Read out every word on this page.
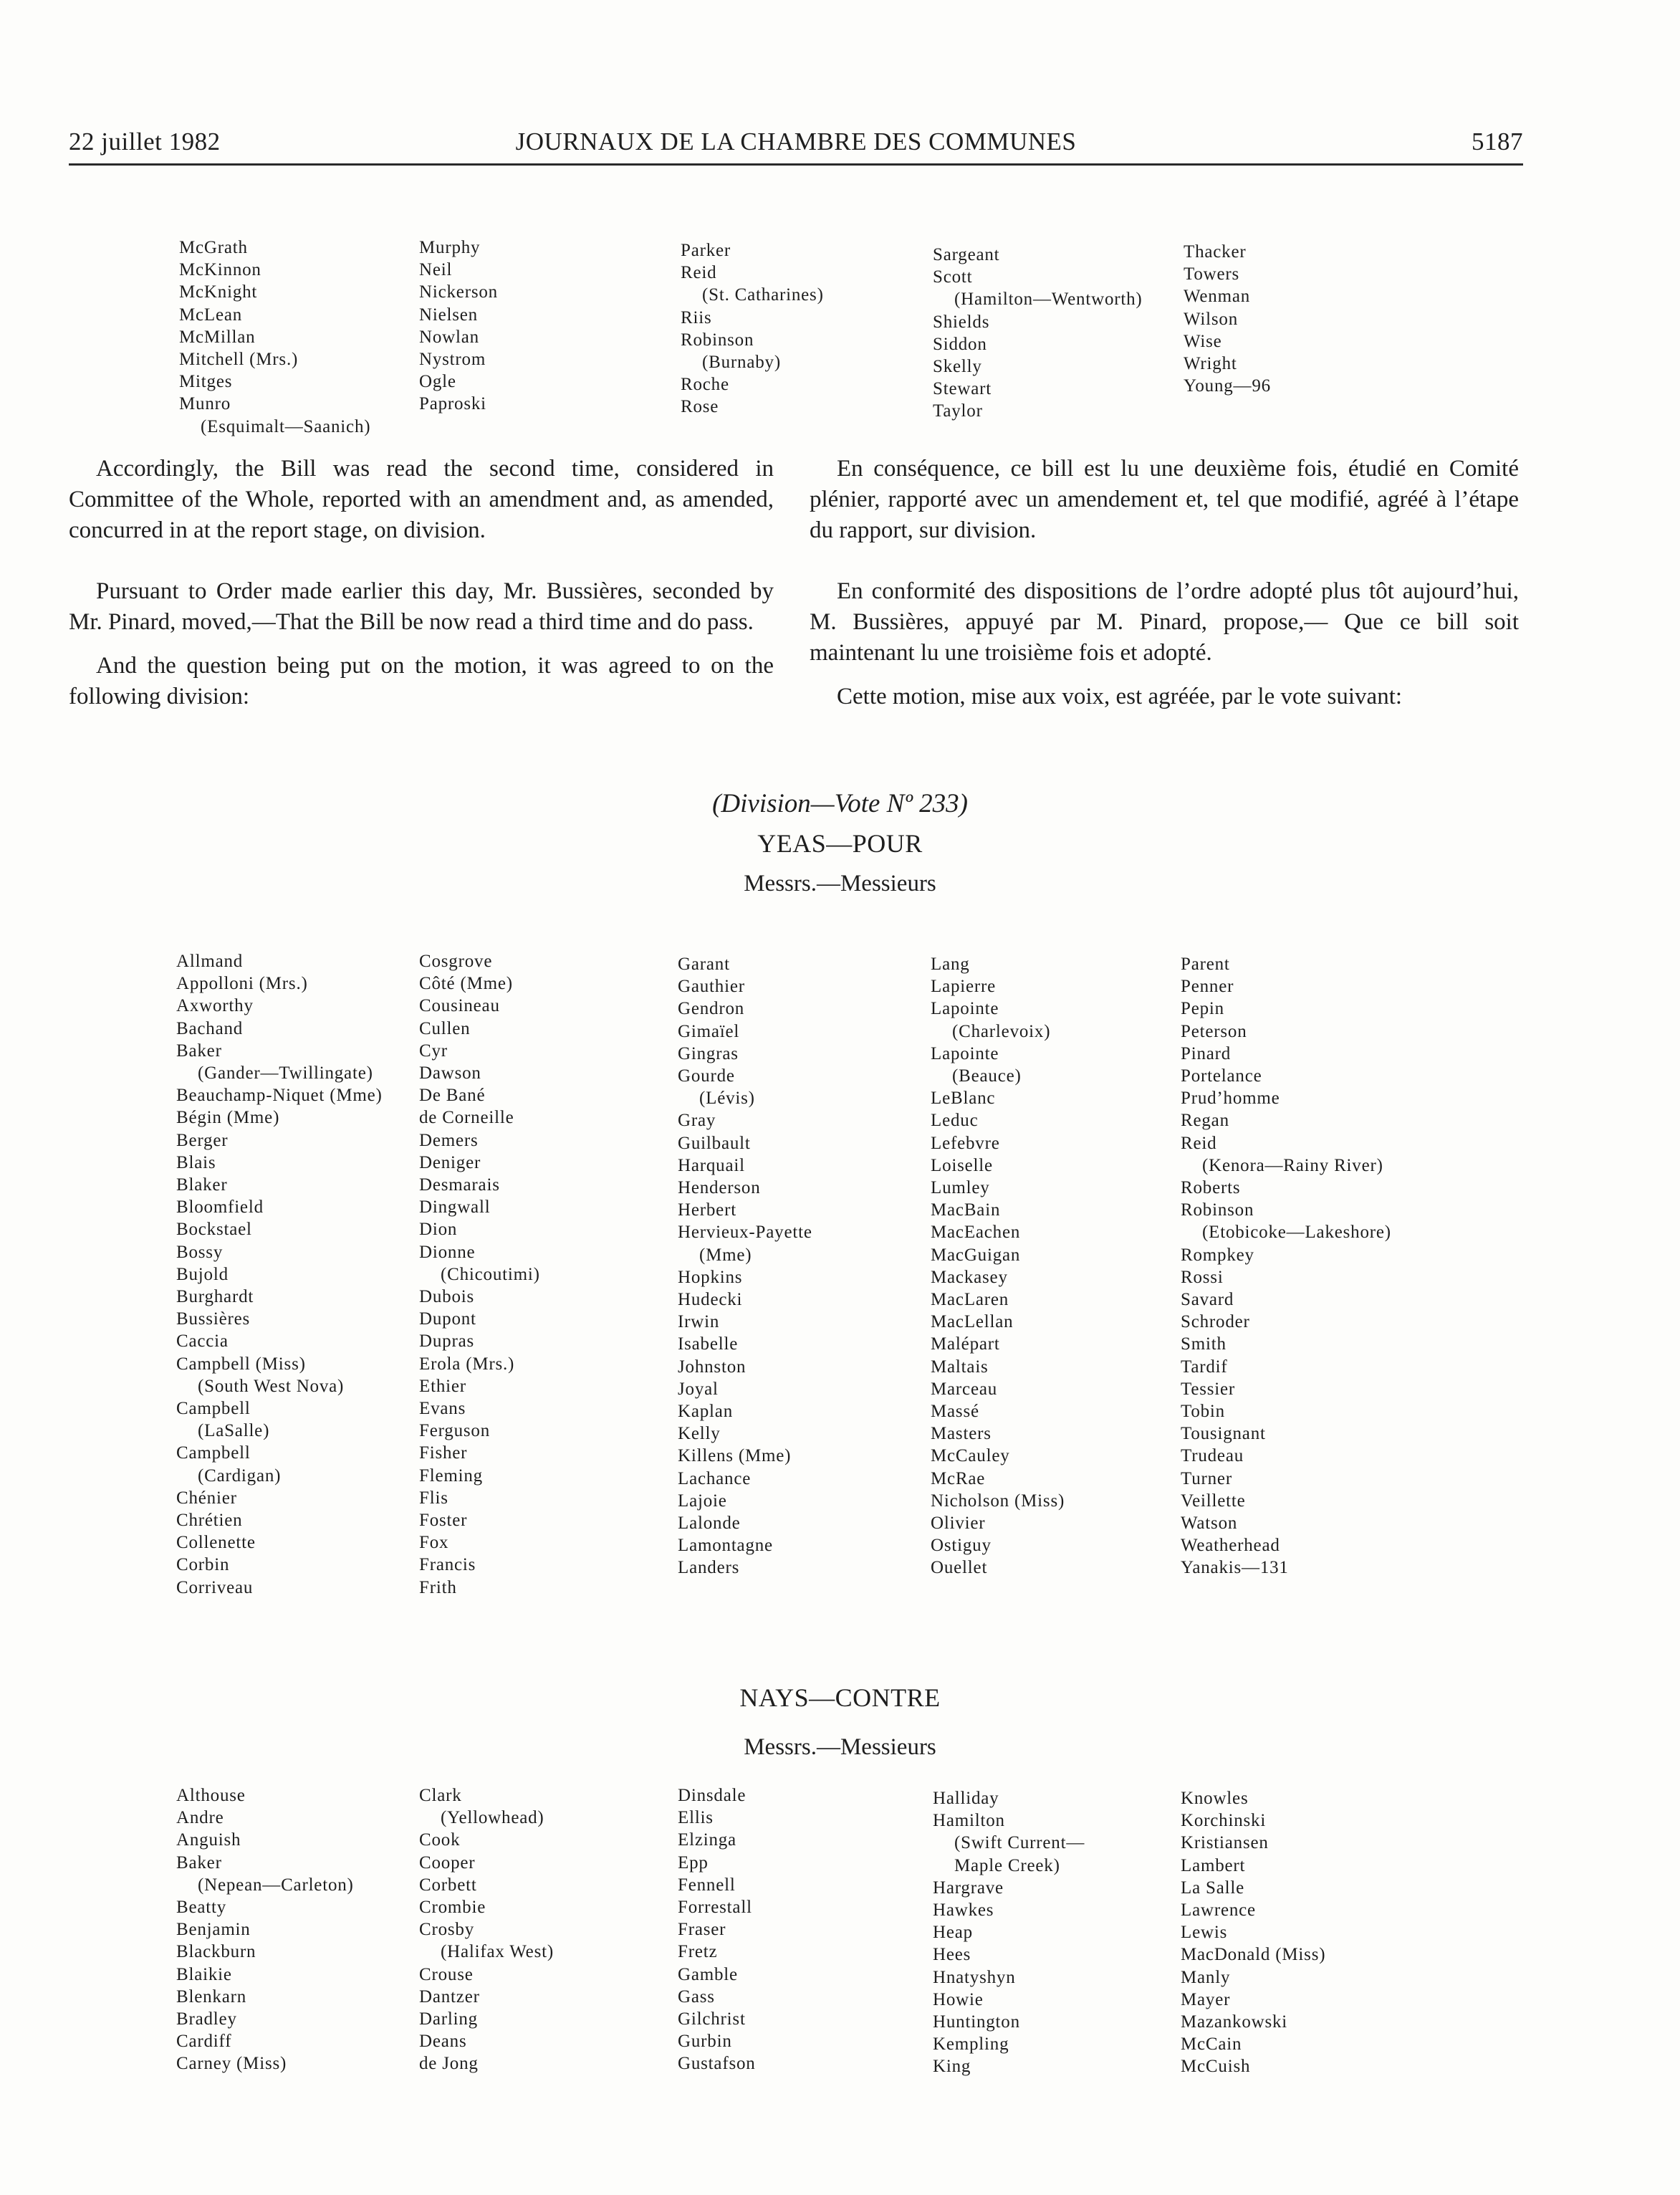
22 juillet 1982	JOURNAUX DE LA CHAMBRE DES COMMUNES	5187
McGrath
McKinnon
McKnight
McLean
McMillan
Mitchell (Mrs.)
Mitges
Munro
(Esquimalt—Saanich)
Murphy
Neil
Nickerson
Nielsen
Nowlan
Nystrom
Ogle
Paproski
Parker
Reid
(St. Catharines)
Riis
Robinson
(Burnaby)
Roche
Rose
Sargeant
Scott
(Hamilton—Wentworth)
Shields
Siddon
Skelly
Stewart
Taylor
Thacker
Towers
Wenman
Wilson
Wise
Wright
Young—96

Accordingly, the Bill was read the second time, considered in Committee of the Whole, reported with an amendment and, as amended, concurred in at the report stage, on division.

Pursuant to Order made earlier this day, Mr. Bussières, seconded by Mr. Pinard, moved,—That the Bill be now read a third time and do pass.

And the question being put on the motion, it was agreed to on the following division:

En conséquence, ce bill est lu une deuxième fois, étudié en Comité plénier, rapporté avec un amendement et, tel que modifié, agréé à l’étape du rapport, sur division.

En conformité des dispositions de l’ordre adopté plus tôt aujourd’hui, M. Bussières, appuyé par M. Pinard, propose,— Que ce bill soit maintenant lu une troisième fois et adopté.

Cette motion, mise aux voix, est agréée, par le vote suivant:

(Division—Vote Nº 233)
YEAS—POUR
Messrs.—Messieurs
Allmand
Appolloni (Mrs.)
Axworthy
Bachand
Baker
(Gander—Twillingate)
Beauchamp-Niquet (Mme)
Bégin (Mme)
Berger
Blais
Blaker
Bloomfield
Bockstael
Bossy
Bujold
Burghardt
Bussières
Caccia
Campbell (Miss)
(South West Nova)
Campbell
(LaSalle)
Campbell
(Cardigan)
Chénier
Chrétien
Collenette
Corbin
Corriveau
Cosgrove
Côté (Mme)
Cousineau
Cullen
Cyr
Dawson
De Bané
de Corneille
Demers
Deniger
Desmarais
Dingwall
Dion
Dionne
(Chicoutimi)
Dubois
Dupont
Dupras
Erola (Mrs.)
Ethier
Evans
Ferguson
Fisher
Fleming
Flis
Foster
Fox
Francis
Frith
Garant
Gauthier
Gendron
Gimaïel
Gingras
Gourde
(Lévis)
Gray
Guilbault
Harquail
Henderson
Herbert
Hervieux-Payette
(Mme)
Hopkins
Hudecki
Irwin
Isabelle
Johnston
Joyal
Kaplan
Kelly
Killens (Mme)
Lachance
Lajoie
Lalonde
Lamontagne
Landers
Lang
Lapierre
Lapointe
(Charlevoix)
Lapointe
(Beauce)
LeBlanc
Leduc
Lefebvre
Loiselle
Lumley
MacBain
MacEachen
MacGuigan
Mackasey
MacLaren
MacLellan
Malépart
Maltais
Marceau
Massé
Masters
McCauley
McRae
Nicholson (Miss)
Olivier
Ostiguy
Ouellet
Parent
Penner
Pepin
Peterson
Pinard
Portelance
Prud’homme
Regan
Reid
(Kenora—Rainy River)
Roberts
Robinson
(Etobicoke—Lakeshore)
Rompkey
Rossi
Savard
Schroder
Smith
Tardif
Tessier
Tobin
Tousignant
Trudeau
Turner
Veillette
Watson
Weatherhead
Yanakis—131
NAYS—CONTRE
Messrs.—Messieurs
Althouse
Andre
Anguish
Baker
(Nepean—Carleton)
Beatty
Benjamin
Blackburn
Blaikie
Blenkarn
Bradley
Cardiff
Carney (Miss)
Clark
(Yellowhead)
Cook
Cooper
Corbett
Crombie
Crosby
(Halifax West)
Crouse
Dantzer
Darling
Deans
de Jong
Dinsdale
Ellis
Elzinga
Epp
Fennell
Forrestall
Fraser
Fretz
Gamble
Gass
Gilchrist
Gurbin
Gustafson
Halliday
Hamilton
(Swift Current—
Maple Creek)
Hargrave
Hawkes
Heap
Hees
Hnatyshyn
Howie
Huntington
Kempling
King
Knowles
Korchinski
Kristiansen
Lambert
La Salle
Lawrence
Lewis
MacDonald (Miss)
Manly
Mayer
Mazankowski
McCain
McCuish
